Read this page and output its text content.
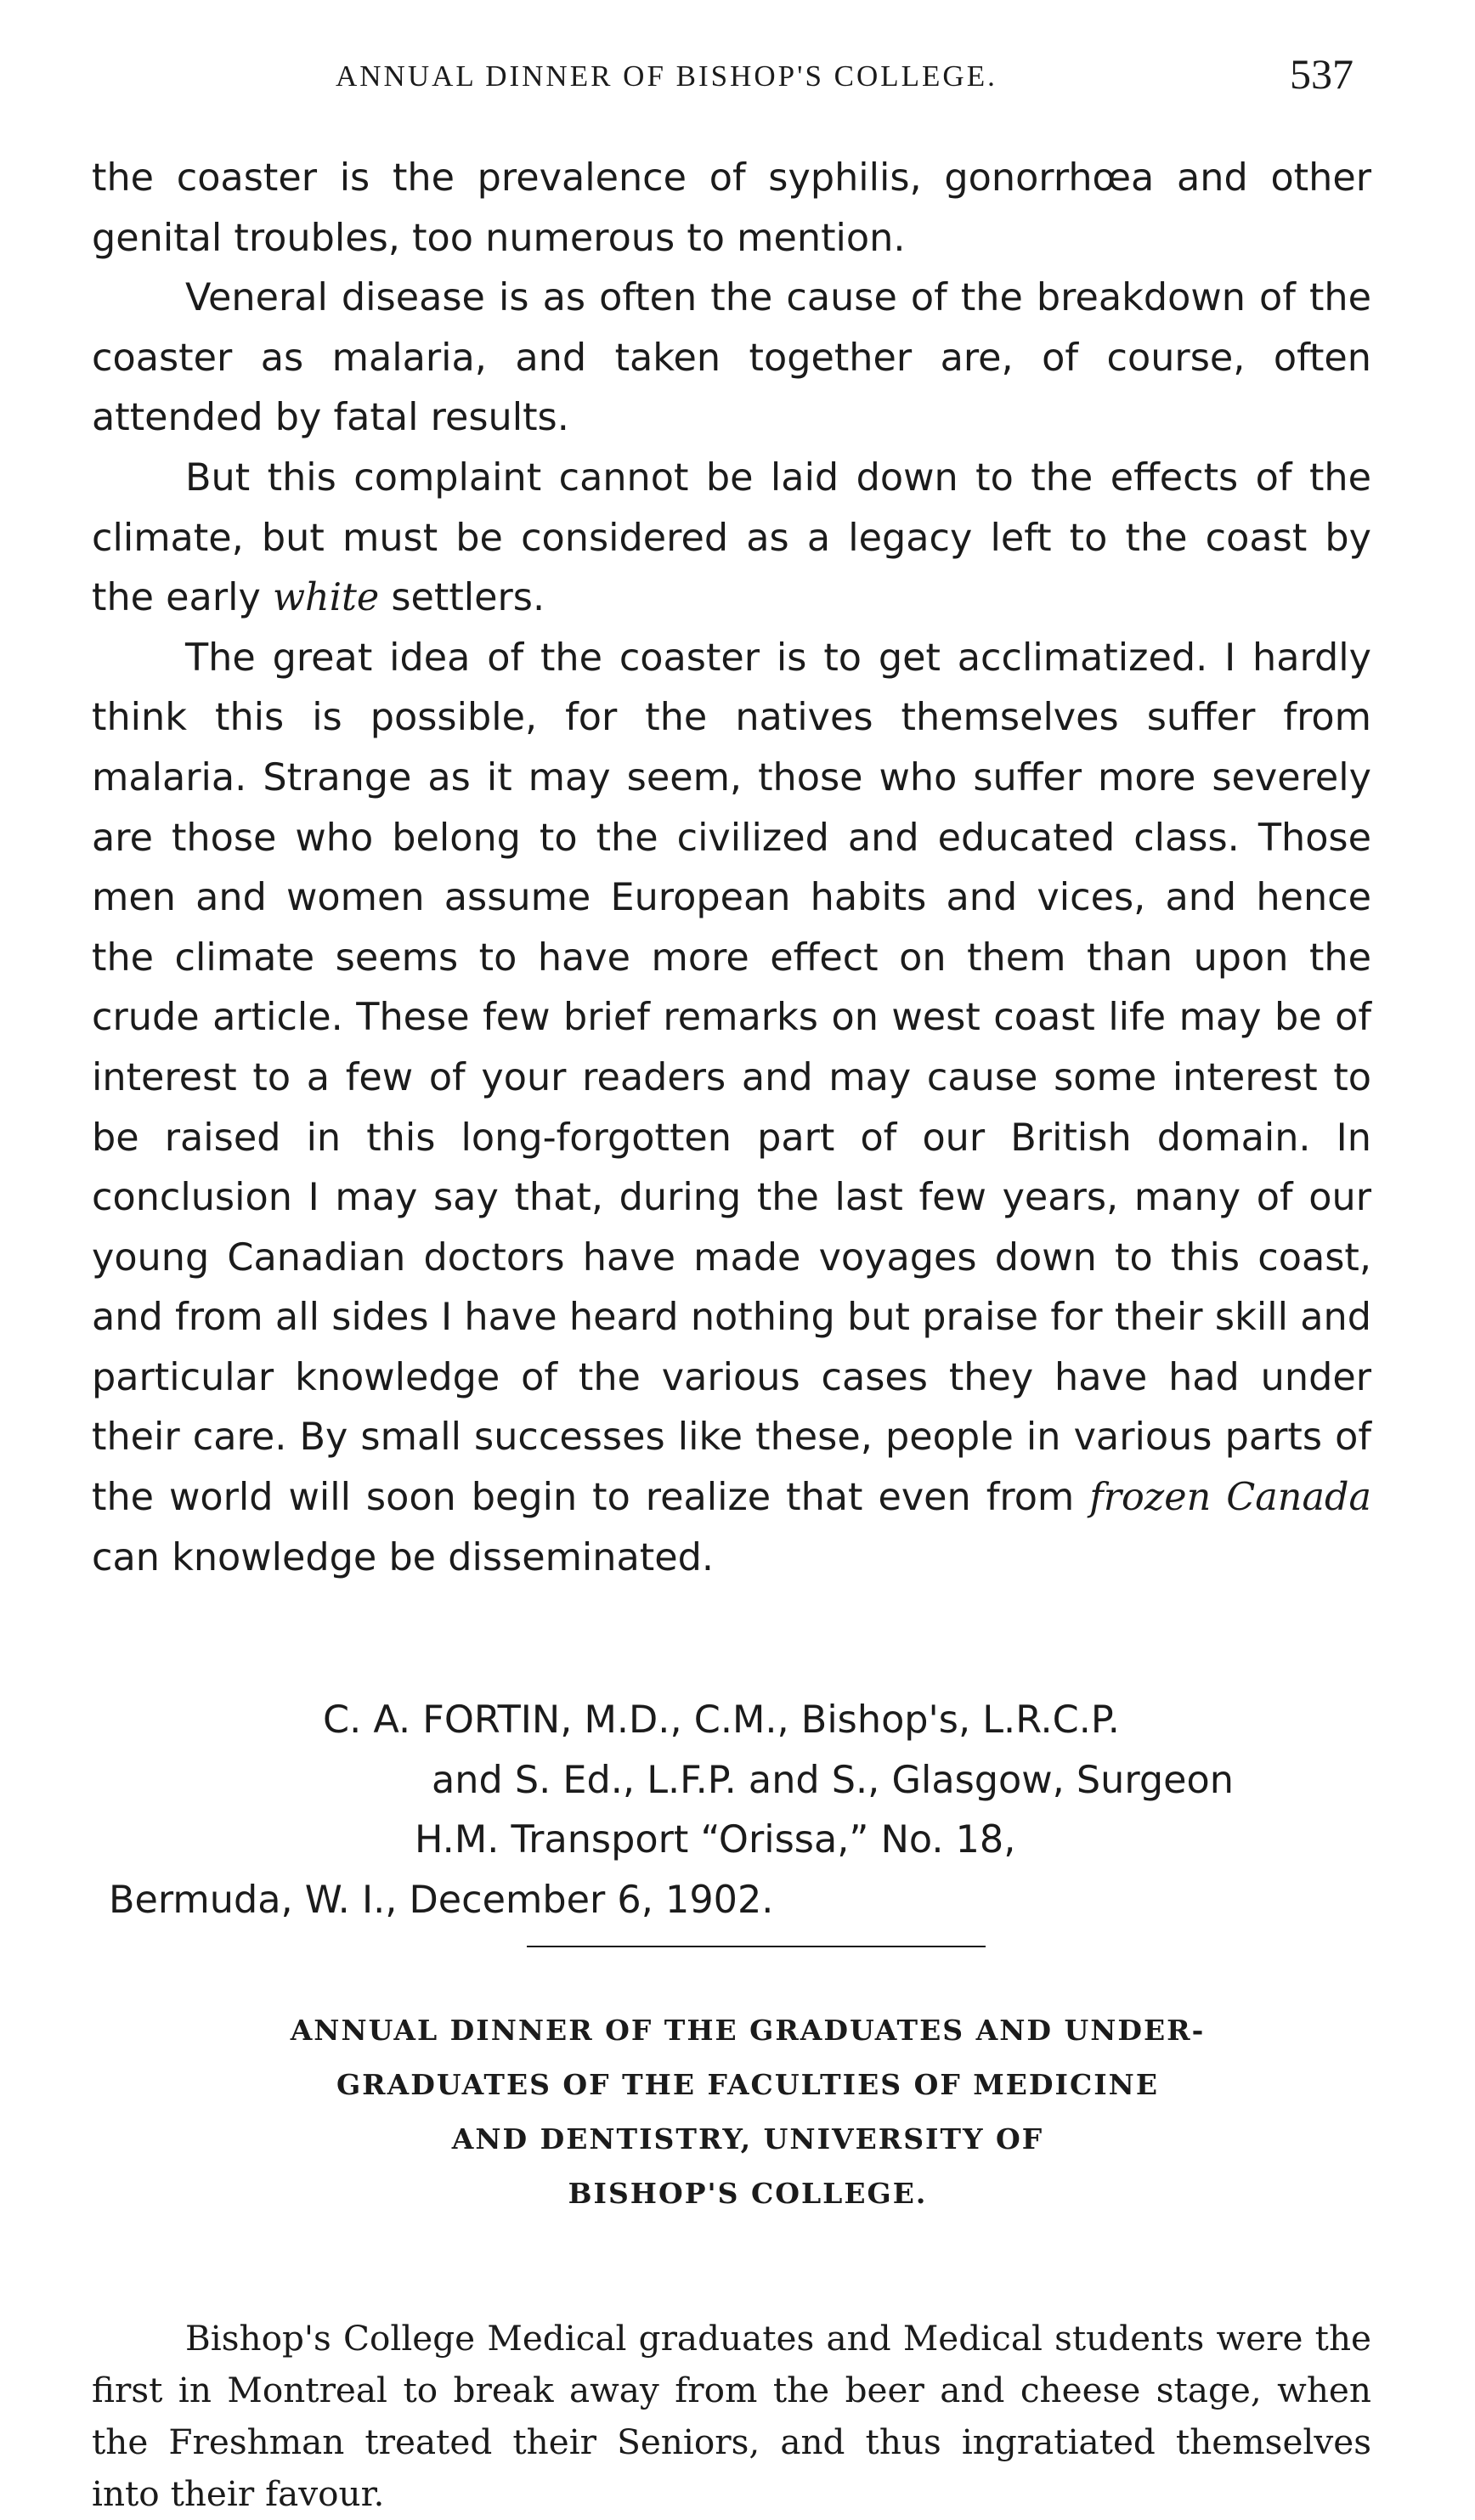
ANNUAL DINNER OF BISHOP'S COLLEGE.	537

the coaster is the prevalence of syphilis, gonorrhœa and other genital troubles, too numerous to mention.

Veneral disease is as often the cause of the breakdown of the coaster as malaria, and taken together are, of course, often attended by fatal results.

But this complaint cannot be laid down to the effects of the climate, but must be considered as a legacy left to the coast by the early white settlers.

The great idea of the coaster is to get acclimatized. I hardly think this is possible, for the natives themselves suffer from malaria. Strange as it may seem, those who suffer more severely are those who belong to the civilized and educated class. Those men and women assume European habits and vices, and hence the climate seems to have more effect on them than upon the crude article. These few brief remarks on west coast life may be of interest to a few of your readers and may cause some interest to be raised in this long-forgotten part of our British domain. In conclusion I may say that, during the last few years, many of our young Canadian doctors have made voyages down to this coast, and from all sides I have heard nothing but praise for their skill and particular knowledge of the various cases they have had under their care. By small successes like these, people in various parts of the world will soon begin to realize that even from frozen Canada can knowledge be disseminated.

C. A. FORTIN, M.D., C.M., Bishop's, L.R.C.P.
and S. Ed., L.F.P. and S., Glasgow, Surgeon
H.M. Transport “Orissa,” No. 18,
Bermuda, W. I., December 6, 1902.
ANNUAL DINNER OF THE GRADUATES AND UNDER-
GRADUATES OF THE FACULTIES OF MEDICINE
AND DENTISTRY, UNIVERSITY OF
BISHOP'S COLLEGE.

Bishop's College Medical graduates and Medical students were the first in Montreal to break away from the beer and cheese stage, when the Freshman treated their Seniors, and thus ingratiated themselves into their favour.
